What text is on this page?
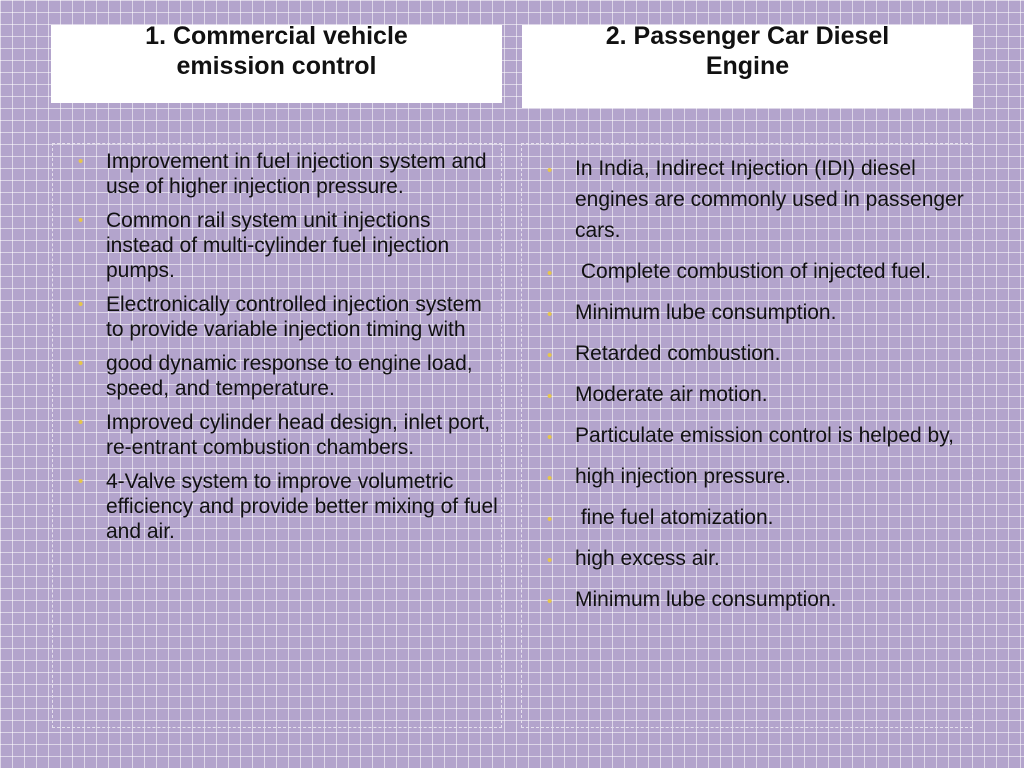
1. Commercial vehicle
emission control
2. Passenger Car Diesel
Engine
• Improvement in fuel injection system and use of higher injection pressure.
• Common rail system unit injections instead of multi-cylinder fuel injection pumps.
• Electronically controlled injection system to provide variable injection timing with
• good dynamic response to engine load, speed, and temperature.
• Improved cylinder head design, inlet port, re-entrant combustion chambers.
• 4-Valve system to improve volumetric efficiency and provide better mixing of fuel and air.
• In India, Indirect Injection (IDI) diesel engines are commonly used in passenger cars.
• Complete combustion of injected fuel.
• Minimum lube consumption.
• Retarded combustion.
• Moderate air motion.
• Particulate emission control is helped by,
• high injection pressure.
• fine fuel atomization.
• high excess air.
• Minimum lube consumption.
